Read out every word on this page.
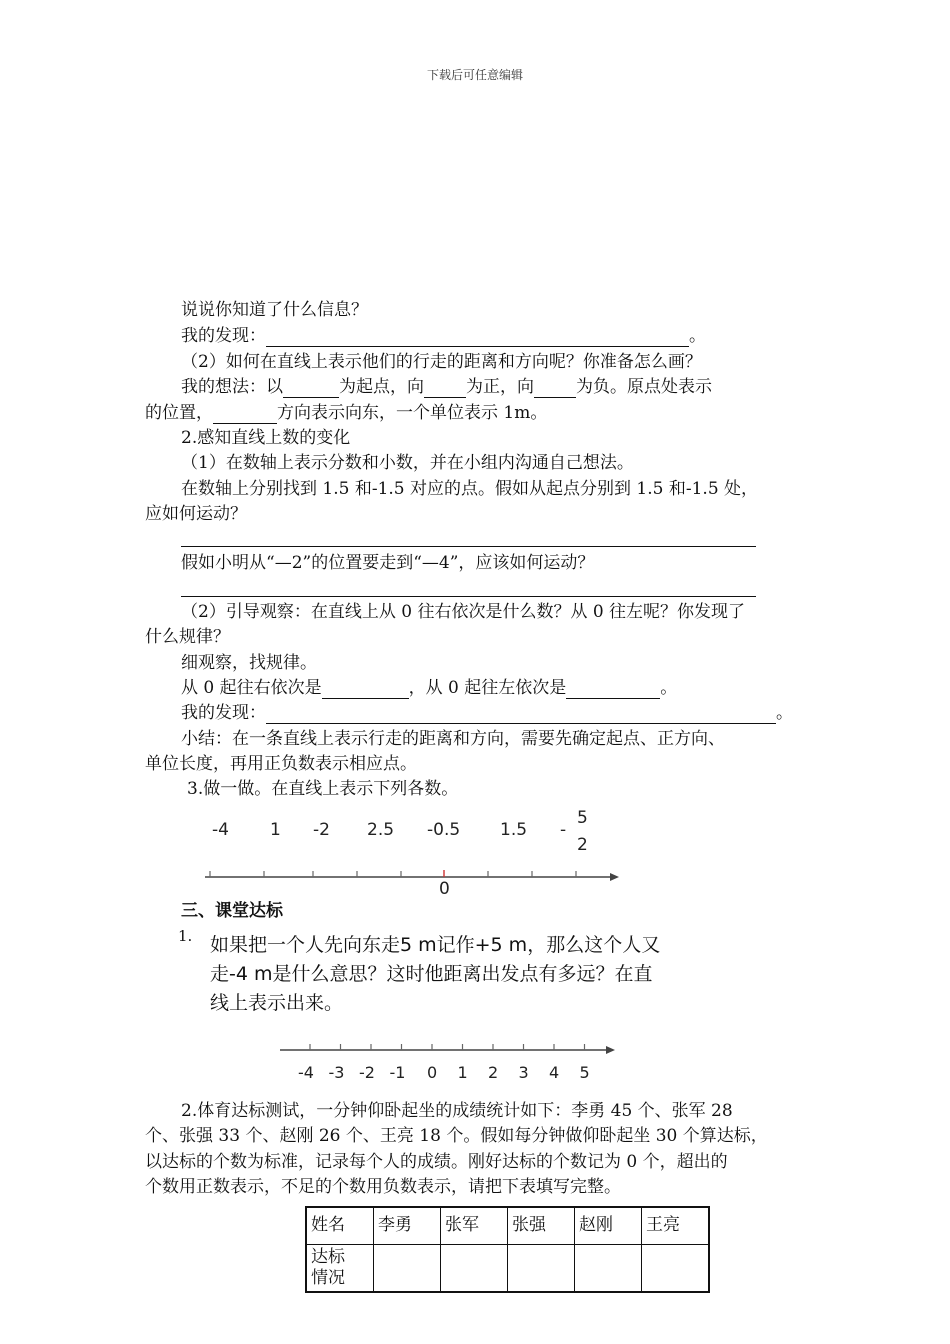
下载后可任意编辑
说说你知道了什么信息？
我的发现：	。
（2）如何在直线上表示他们的行走的距离和方向呢？你准备怎么画？
我的想法：以	为起点，向 为正，向 为负。原点处表示
的位置，	方向表示向东，一个单位表示 1m。
2.感知直线上数的变化
（1）在数轴上表示分数和小数，并在小组内沟通自己想法。
在数轴上分别找到 1.5 和-1.5 对应的点。假如从起点分别到 1.5 和-1.5 处，
应如何运动？
假如小明从“—2”的位置要走到“—4”，应该如何运动？
（2）引导观察：在直线上从 0 往右依次是什么数？从 0 往左呢？你发现了
什么规律？
细观察，找规律。
从 0 起往右依次是	，从 0 起往左依次是	。
我的发现：	。
小结：在一条直线上表示行走的距离和方向，需要先确定起点、正方向、
单位长度，再用正负数表示相应点。
3.做一做。在直线上表示下列各数。
-4 1 -2 2.5 -0.5 1.5 -
5
2
0
三、课堂达标
1. 如果把一个人先向东走5 m记作+5 m，那么这个人又
走-4 m是什么意思？这时他距离出发点有多远？在直
线上表示出来。
-4 -3 -2 -1 0 1 2 3 4 5
2.体育达标测试，一分钟仰卧起坐的成绩统计如下：李勇 45 个、张军 28
个、张强 33 个、赵刚 26 个、王亮 18 个。假如每分钟做仰卧起坐 30 个算达标，
以达标的个数为标准，记录每个人的成绩。刚好达标的个数记为 0 个，超出的
个数用正数表示，不足的个数用负数表示，请把下表填写完整。
姓名	李勇	张军	张强	赵刚	王亮

达标
情况					
